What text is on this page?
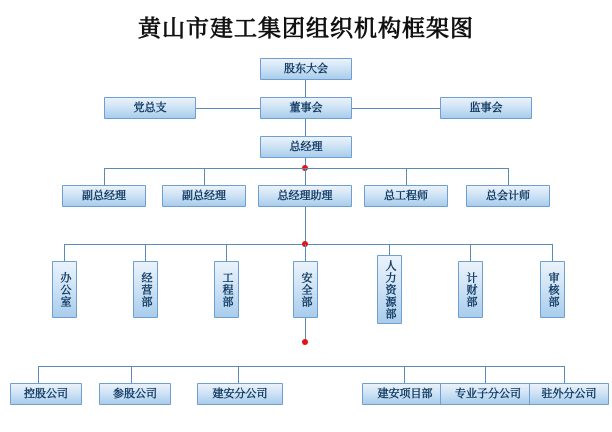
黄山市建工集团组织机构框架图
股东大会
党总支	董事会	监事会
总经理
副总经理	副总经理	总经理助理	总工程师	总会计师
办公室	经营部	工程部	安全部	人力资源部	计财部	审核部
控股公司	参股公司	建安分公司	建安项目部	专业子分公司	驻外分公司
